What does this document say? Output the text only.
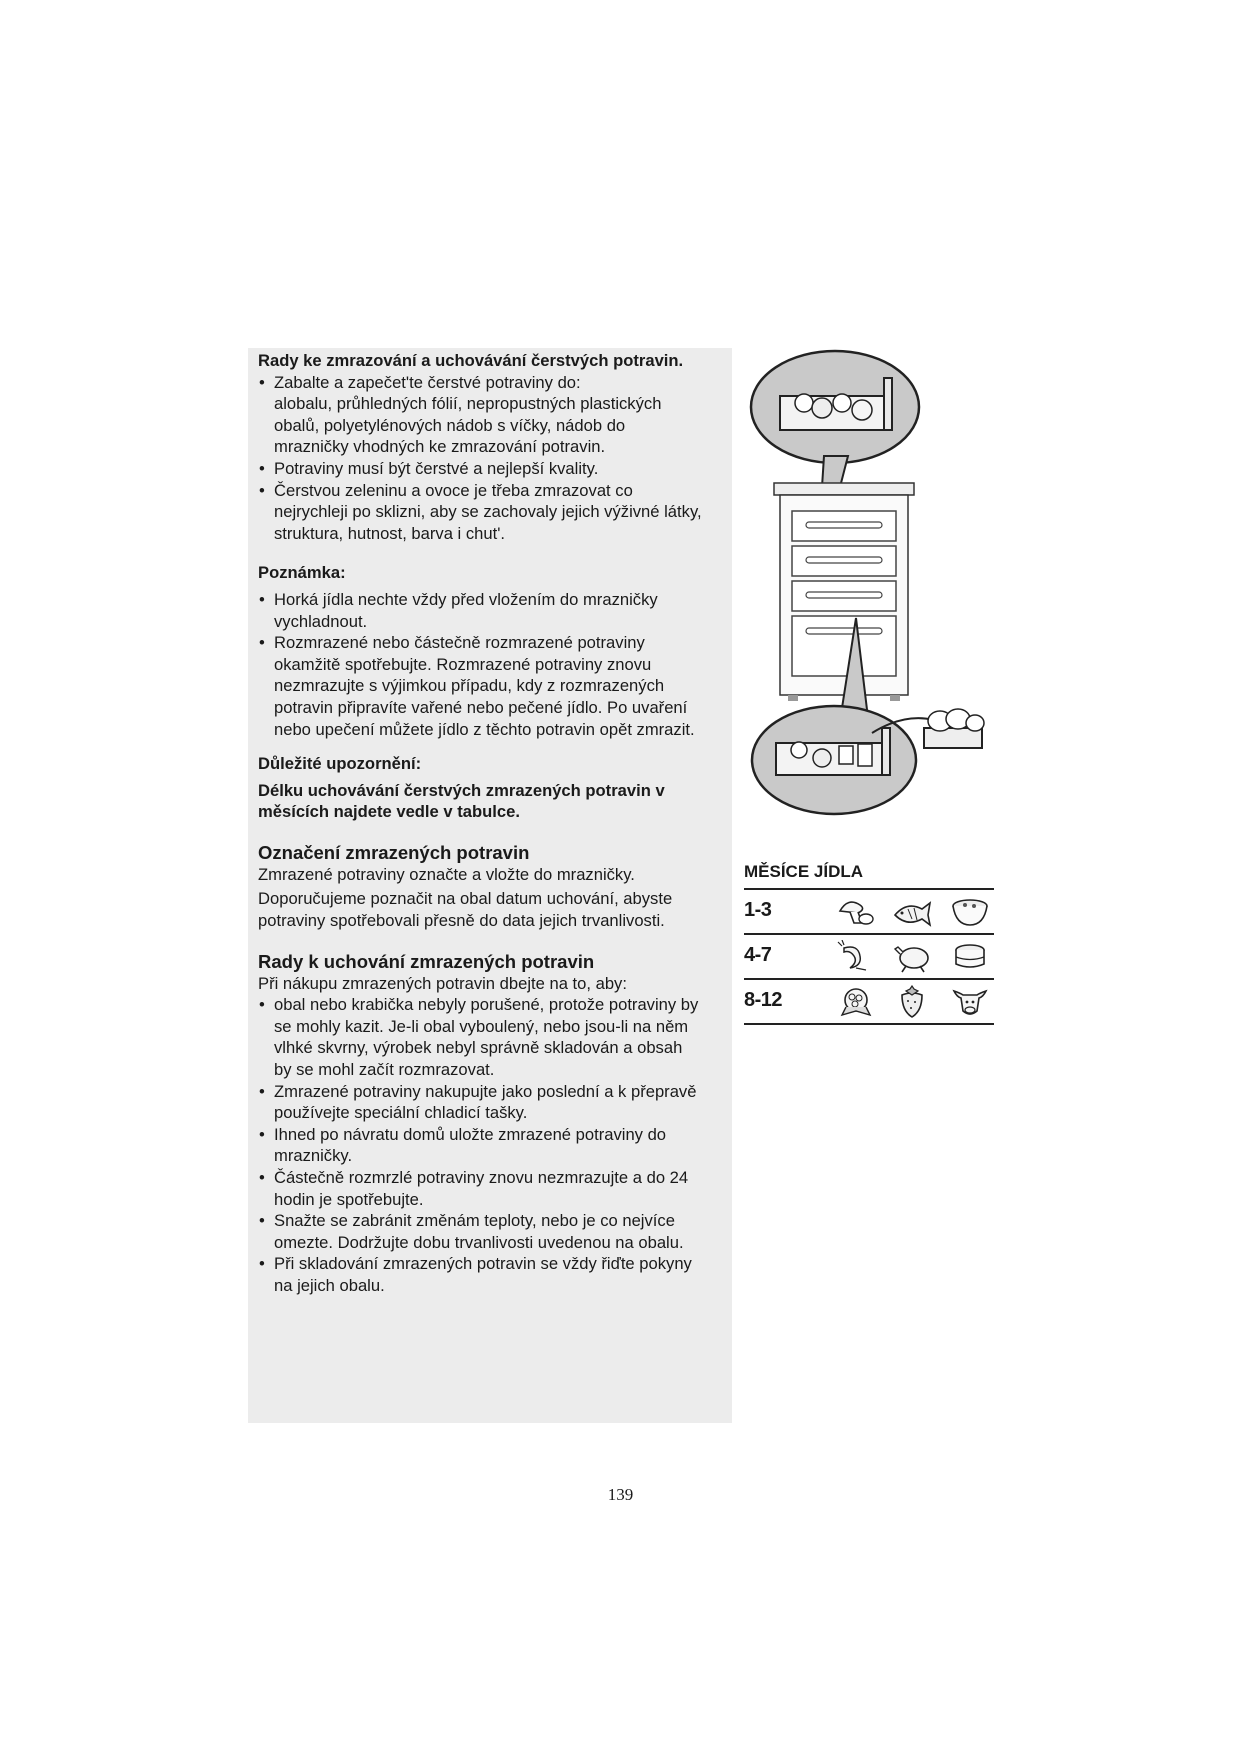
Rady ke zmrazování a uchovávání čerstvých potravin.

• Zabalte a zapečet'te čerstvé potraviny do:
alobalu, průhledných fólií, nepropustných plastických
obalů, polyetylénových nádob s víčky, nádob do
mrazničky vhodných ke zmrazování potravin.
• Potraviny musí být čerstvé a nejlepší kvality.
• Čerstvou zeleninu a ovoce je třeba zmrazovat co
nejrychleji po sklizni, aby se zachovaly jejich výživné látky,
struktura, hutnost, barva i chut'.

Poznámka:

• Horká jídla nechte vždy před vložením do mrazničky
vychladnout.
• Rozmrazené nebo částečně rozmrazené potraviny
okamžitě spotřebujte. Rozmrazené potraviny znovu
nezmrazujte s výjimkou případu, kdy z rozmrazených
potravin připravíte vařené nebo pečené jídlo. Po uvaření
nebo upečení můžete jídlo z těchto potravin opět zmrazit.

Důležité upozornění:

Délku uchovávání čerstvých zmrazených potravin v

měsících najdete vedle v tabulce.

Označení zmrazených potravin

Zmrazené potraviny označte a vložte do mrazničky.

Doporučujeme poznačit na obal datum uchování, abyste

potraviny spotřebovali přesně do data jejich trvanlivosti.

Rady k uchování zmrazených potravin

Při nákupu zmrazených potravin dbejte na to, aby:

• obal nebo krabička nebyly porušené, protože potraviny by
se mohly kazit. Je-li obal vyboulený, nebo jsou-li na něm
vlhké skvrny, výrobek nebyl správně skladován a obsah
by se mohl začít rozmrazovat.
• Zmrazené potraviny nakupujte jako poslední a k přepravě
používejte speciální chladicí tašky.
• Ihned po návratu domů uložte zmrazené potraviny do
mrazničky.
• Částečně rozmrzlé potraviny znovu nezmrazujte a do 24
hodin je spotřebujte.
• Snažte se zabránit změnám teploty, nebo je co nejvíce
omezte. Dodržujte dobu trvanlivosti uvedenou na obalu.
• Při skladování zmrazených potravin se vždy řiďte pokyny
na jejich obalu.
MĚSÍCE JÍDLA
1-3
4-7
8-12
139
